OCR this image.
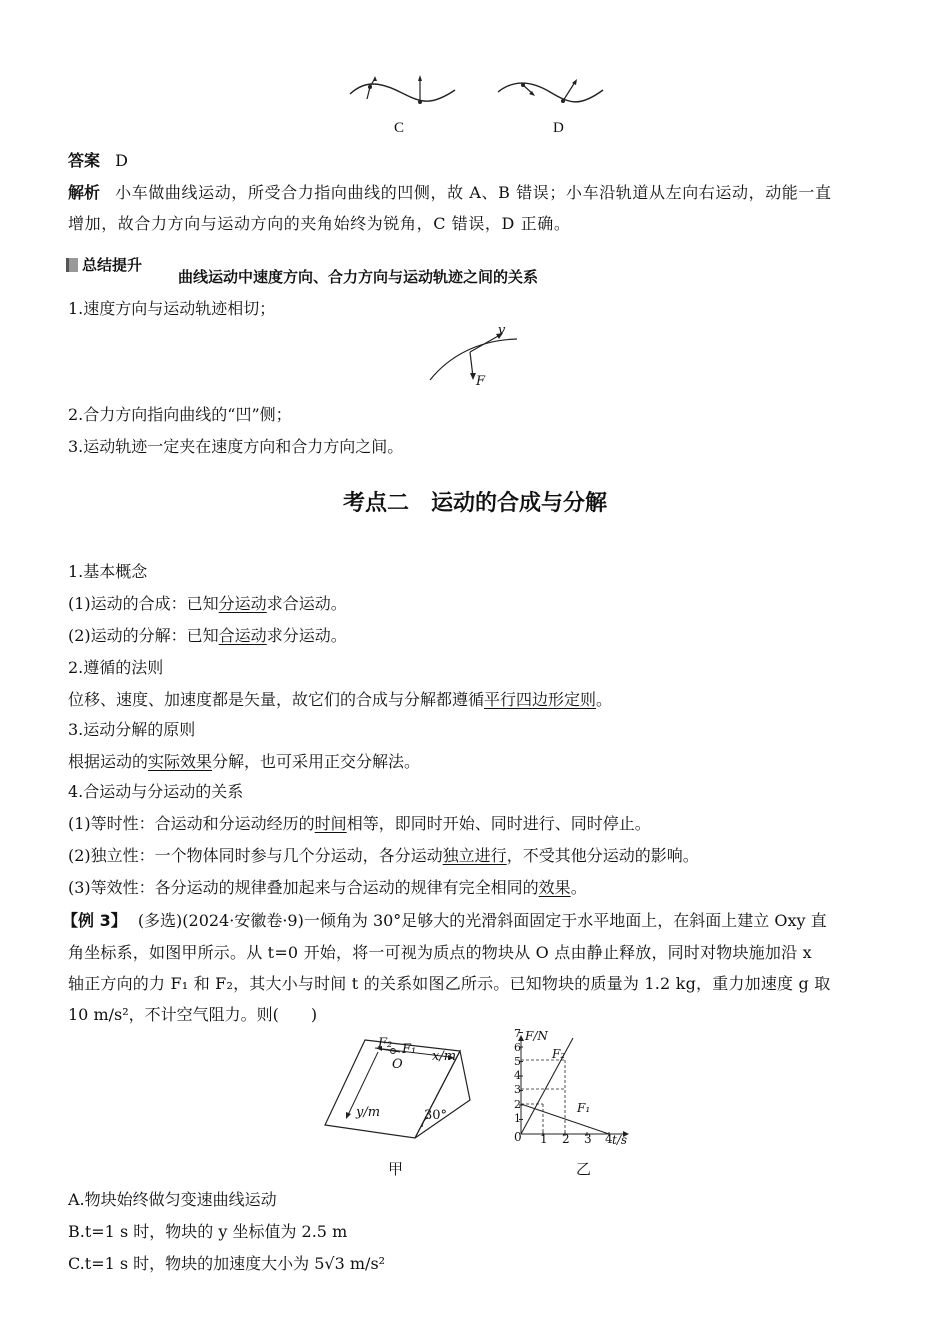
C	D
答案 D
解析 小车做曲线运动，所受合力指向曲线的凹侧，故 A、B 错误；小车沿轨道从左向右运动，动能一直
增加，故合力方向与运动方向的夹角始终为锐角，C 错误，D 正确。
总结提升
曲线运动中速度方向、合力方向与运动轨迹之间的关系
1.速度方向与运动轨迹相切；
v
F
2.合力方向指向曲线的“凹”侧；
3.运动轨迹一定夹在速度方向和合力方向之间。
考点二　运动的合成与分解
1.基本概念
(1)运动的合成：已知分运动求合运动。
(2)运动的分解：已知合运动求分运动。
2.遵循的法则
位移、速度、加速度都是矢量，故它们的合成与分解都遵循平行四边形定则。
3.运动分解的原则
根据运动的实际效果分解，也可采用正交分解法。
4.合运动与分运动的关系
(1)等时性：合运动和分运动经历的时间相等，即同时开始、同时进行、同时停止。
(2)独立性：一个物体同时参与几个分运动，各分运动独立进行，不受其他分运动的影响。
(3)等效性：各分运动的规律叠加起来与合运动的规律有完全相同的效果。
【例 3】 (多选)(2024·安徽卷·9)一倾角为 30°足够大的光滑斜面固定于水平地面上，在斜面上建立 Oxy 直
角坐标系，如图甲所示。从 t=0 开始，将一可视为质点的物块从 O 点由静止释放，同时对物块施加沿 x
轴正方向的力 F₁ 和 F₂，其大小与时间 t 的关系如图乙所示。已知物块的质量为 1.2 kg，重力加速度 g 取
10 m/s²，不计空气阻力。则(　　)
F₂ F₁
O
x/m
y/m	30°
甲
F/N
t/s
F₂
F₁
0
1
2
3
4
5
6
7
1 2 3 4
乙
A.物块始终做匀变速曲线运动
B.t=1 s 时，物块的 y 坐标值为 2.5 m
C.t=1 s 时，物块的加速度大小为 5√3 m/s²
